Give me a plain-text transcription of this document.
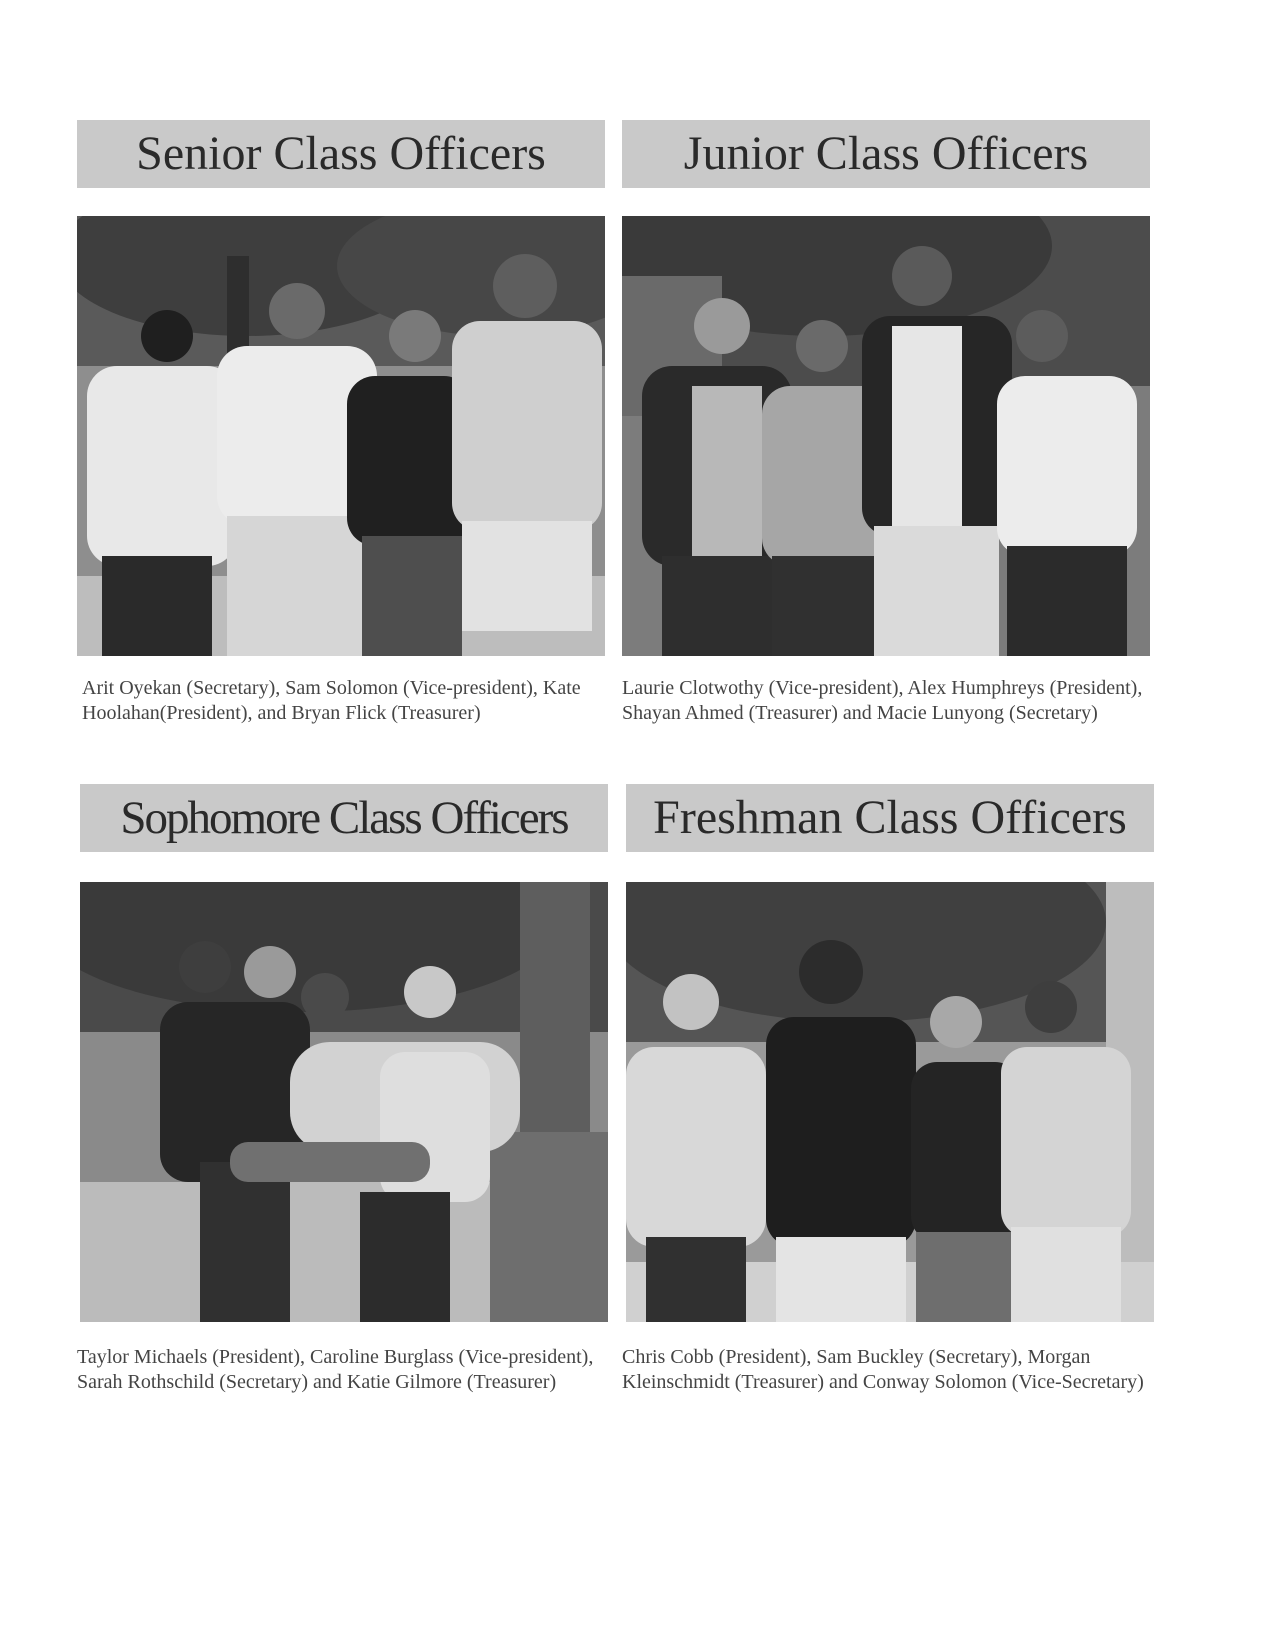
Senior Class Officers
Arit Oyekan (Secretary), Sam Solomon (Vice-president), Kate Hoolahan(President), and Bryan Flick (Treasurer)
Junior Class Officers
Laurie Clotwothy (Vice-president), Alex Humphreys (President), Shayan Ahmed (Treasurer) and Macie Lunyong (Secretary)
Sophomore Class Officers
Taylor Michaels (President), Caroline Burglass (Vice-president), Sarah Rothschild (Secretary) and Katie Gilmore (Treasurer)
Freshman Class Officers
Chris Cobb (President), Sam Buckley (Secretary), Morgan Kleinschmidt (Treasurer) and Conway Solomon (Vice-Secretary)
